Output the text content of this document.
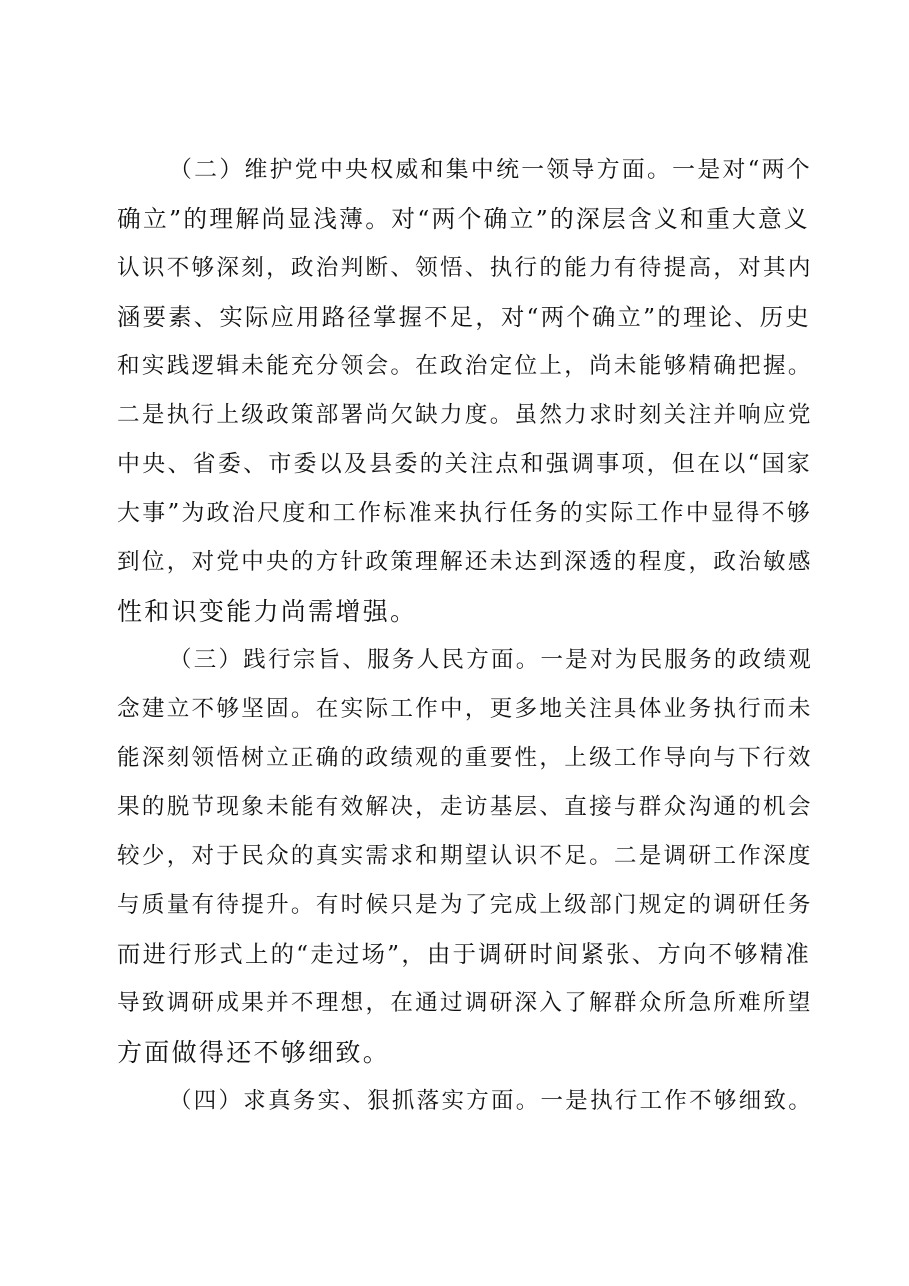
（二）维护党中央权威和集中统一领导方面。一是对“两个
确立”的理解尚显浅薄。对“两个确立”的深层含义和重大意义
认识不够深刻，政治判断、领悟、执行的能力有待提高，对其内
涵要素、实际应用路径掌握不足，对“两个确立”的理论、历史
和实践逻辑未能充分领会。在政治定位上，尚未能够精确把握。
二是执行上级政策部署尚欠缺力度。虽然力求时刻关注并响应党
中央、省委、市委以及县委的关注点和强调事项，但在以“国家
大事”为政治尺度和工作标准来执行任务的实际工作中显得不够
到位，对党中央的方针政策理解还未达到深透的程度，政治敏感
性和识变能力尚需增强。
（三）践行宗旨、服务人民方面。一是对为民服务的政绩观
念建立不够坚固。在实际工作中，更多地关注具体业务执行而未
能深刻领悟树立正确的政绩观的重要性，上级工作导向与下行效
果的脱节现象未能有效解决，走访基层、直接与群众沟通的机会
较少，对于民众的真实需求和期望认识不足。二是调研工作深度
与质量有待提升。有时候只是为了完成上级部门规定的调研任务
而进行形式上的“走过场”，由于调研时间紧张、方向不够精准
导致调研成果并不理想，在通过调研深入了解群众所急所难所望
方面做得还不够细致。
（四）求真务实、狠抓落实方面。一是执行工作不够细致。
